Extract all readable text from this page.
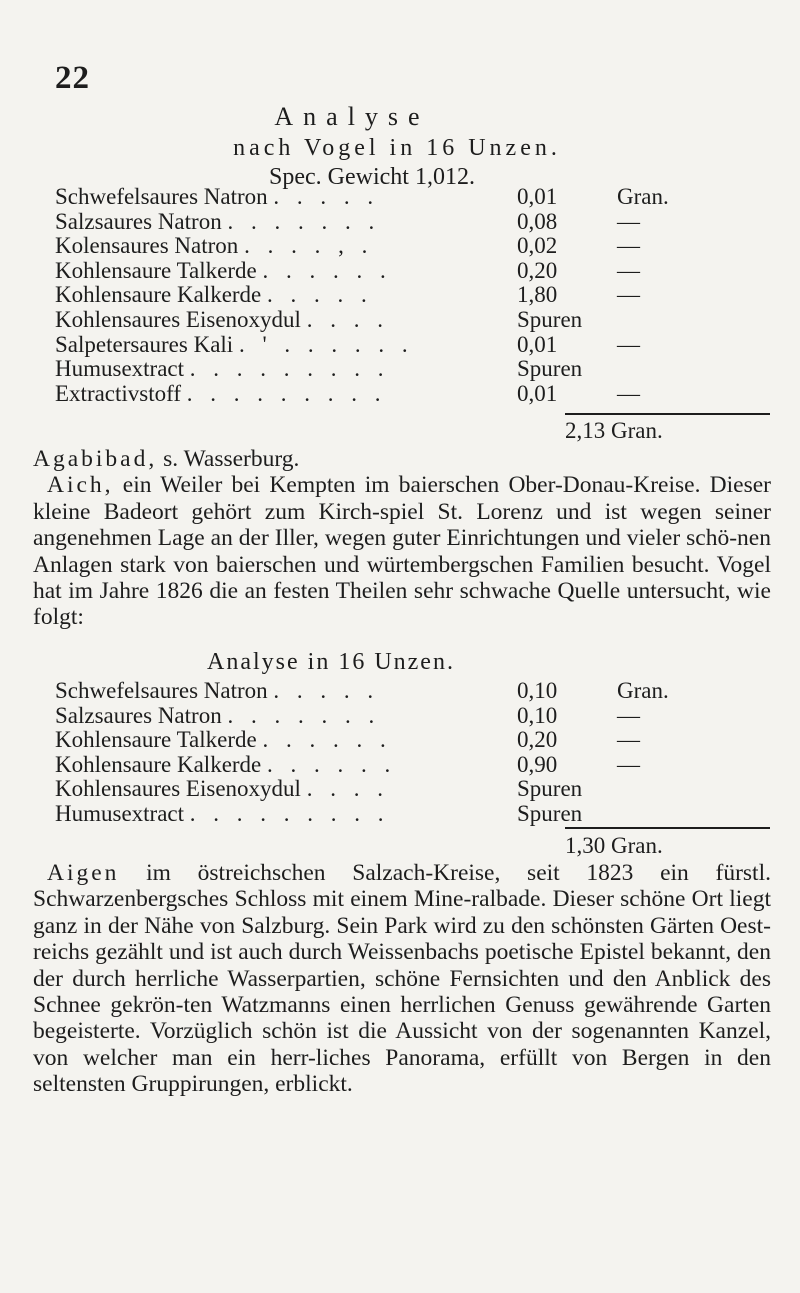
22
Analyse
nach Vogel in 16 Unzen.
Spec. Gewicht 1,012.
Schwefelsaures Natron . . . . .	0,01	Gran.
Salzsaures Natron . . . . . . .	0,08	—
Kolensaures Natron . . . . , .	0,02	—
Kohlensaure Talkerde . . . . . .	0,20	—
Kohlensaure Kalkerde . . . . .	1,80	—
Kohlensaures Eisenoxydul . . . .	Spuren	
Salpetersaures Kali . ' . . . . . .	0,01	—
Humusextract . . . . . . . . .	Spuren	
Extractivstoff . . . . . . . . .	0,01	—
2,13 Gran.

Agabibad, s. Wasserburg.

Aich, ein Weiler bei Kempten im baierschen Ober-Donau-Kreise. Dieser kleine Badeort gehört zum Kirch-spiel St. Lorenz und ist wegen seiner angenehmen Lage an der Iller, wegen guter Einrichtungen und vieler schö-nen Anlagen stark von baierschen und würtembergschen Familien besucht. Vogel hat im Jahre 1826 die an festen Theilen sehr schwache Quelle untersucht, wie folgt:

Analyse in 16 Unzen.
Schwefelsaures Natron . . . . .	0,10	Gran.
Salzsaures Natron . . . . . . .	0,10	—
Kohlensaure Talkerde . . . . . .	0,20	—
Kohlensaure Kalkerde . . . . . .	0,90	—
Kohlensaures Eisenoxydul . . . .	Spuren	
Humusextract . . . . . . . . .	Spuren	
1,30 Gran.

Aigen im östreichschen Salzach-Kreise, seit 1823 ein fürstl. Schwarzenbergsches Schloss mit einem Mine-ralbade. Dieser schöne Ort liegt ganz in der Nähe von Salzburg. Sein Park wird zu den schönsten Gärten Oest-reichs gezählt und ist auch durch Weissenbachs poetische Epistel bekannt, den der durch herrliche Wasserpartien, schöne Fernsichten und den Anblick des Schnee gekrön-ten Watzmanns einen herrlichen Genuss gewährende Garten begeisterte. Vorzüglich schön ist die Aussicht von der sogenannten Kanzel, von welcher man ein herr-liches Panorama, erfüllt von Bergen in den seltensten Gruppirungen, erblickt.
